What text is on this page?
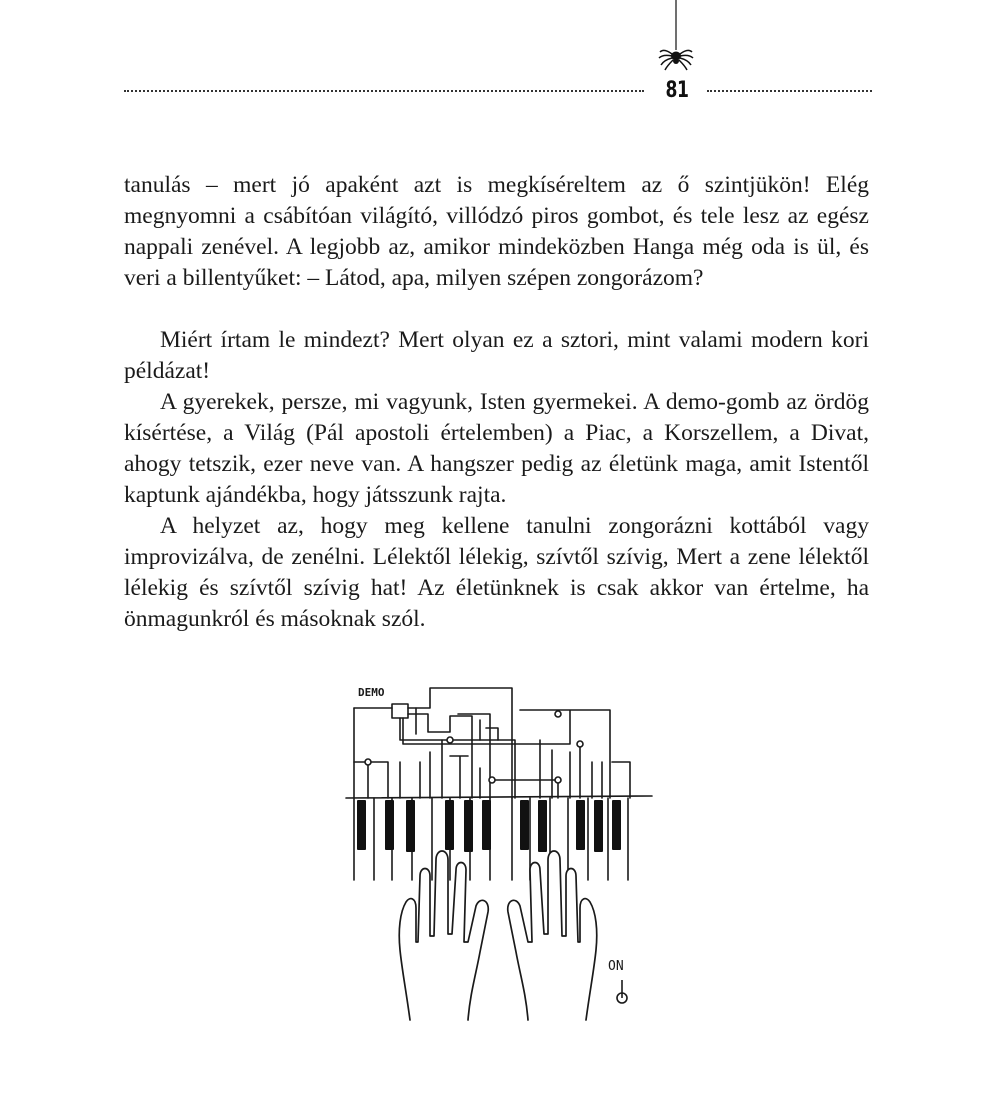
81

tanulás – mert jó apaként azt is megkíséreltem az ő szintjükön! Elég megnyomni a csábítóan világító, villódzó piros gombot, és tele lesz az egész nappali zenével. A legjobb az, amikor mindeközben Hanga még oda is ül, és veri a billentyűket: – Látod, apa, milyen szépen zongorázom?

Miért írtam le mindezt? Mert olyan ez a sztori, mint valami modern kori példázat!

A gyerekek, persze, mi vagyunk, Isten gyermekei. A demo-gomb az ördög kísértése, a Világ (Pál apostoli értelemben) a Piac, a Korszellem, a Divat, ahogy tetszik, ezer neve van. A hangszer pedig az életünk maga, amit Istentől kaptunk ajándékba, hogy játsszunk rajta.

A helyzet az, hogy meg kellene tanulni zongorázni kottából vagy improvizálva, de zenélni. Lélektől lélekig, szívtől szívig, Mert a zene lélektől lélekig és szívtől szívig hat! Az életünknek is csak akkor van értelme, ha önmagunkról és másoknak szól.

DEMO
ON
